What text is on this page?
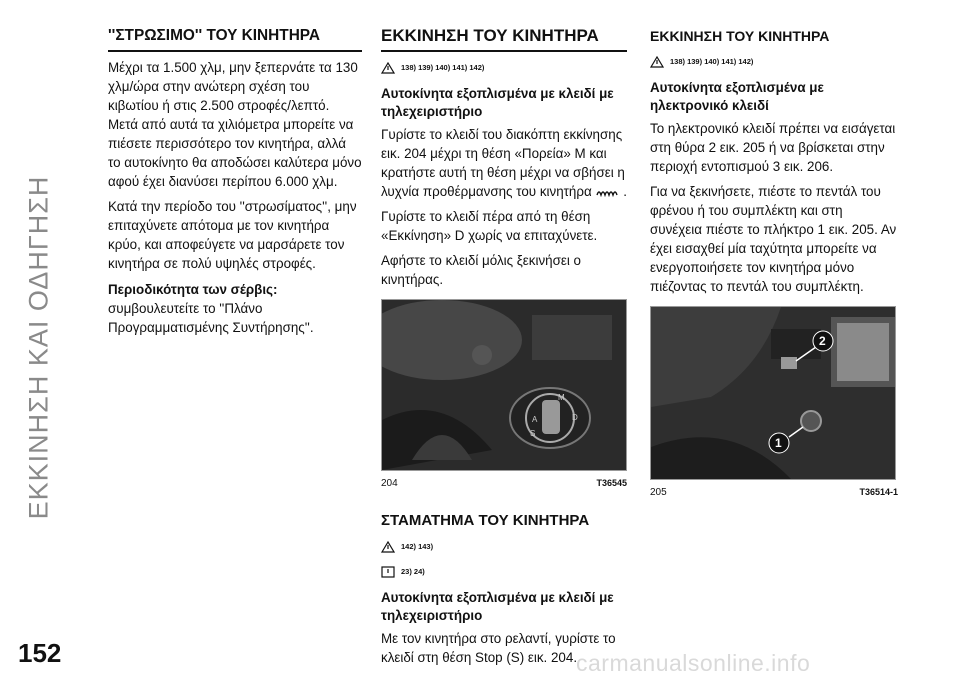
ΕΚΚΙΝΗΣΗ ΚΑΙ ΟΔΗΓΗΣΗ
''ΣΤΡΩΣΙΜΟ'' ΤΟΥ ΚΙΝΗΤΗΡΑ

Μέχρι τα 1.500 χλμ, μην ξεπερνάτε τα 130 χλμ/ώρα στην ανώτερη σχέση του κιβωτίου ή στις 2.500 στροφές/λεπτό. Μετά από αυτά τα χιλιόμετρα μπορείτε να πιέσετε περισσότερο τον κινητήρα, αλλά το αυτοκίνητο θα αποδώσει καλύτερα μόνο αφού έχει διανύσει περίπου 6.000 χλμ.

Κατά την περίοδο του ''στρωσίματος'', μην επιταχύνετε απότομα με τον κινητήρα κρύο, και αποφεύγετε να μαρσάρετε τον κινητήρα σε πολύ υψηλές στροφές.

Περιοδικότητα των σέρβις:

συμβουλευτείτε το ''Πλάνο Προγραμματισμένης Συντήρησης''.

ΕΚΚΙΝΗΣΗ ΤΟΥ ΚΙΝΗΤΗΡΑ
138) 139) 140) 141) 142)
Αυτοκίνητα εξοπλισμένα με κλειδί με τηλεχειριστήριο

Γυρίστε το κλειδί του διακόπτη εκκίνησης εικ. 204 μέχρι τη θέση «Πορεία» M και κρατήστε αυτή τη θέση μέχρι να σβήσει η λυχνία προθέρμανσης του κινητήρα  .

Γυρίστε το κλειδί πέρα από τη θέση «Εκκίνηση» D χωρίς να επιταχύνετε.

Αφήστε το κλειδί μόλις ξεκινήσει ο κινητήρας.

A
M
D
S
204	T36545
ΣΤΑΜΑΤΗΜΑ ΤΟΥ ΚΙΝΗΤΗΡΑ
142) 143)
23) 24)
Αυτοκίνητα εξοπλισμένα με κλειδί με τηλεχειριστήριο

Με τον κινητήρα στο ρελαντί, γυρίστε το κλειδί στη θέση Stop (S) εικ. 204.

ΕΚΚΙΝΗΣΗ ΤΟΥ ΚΙΝΗΤΗΡΑ
138) 139) 140) 141) 142)
Αυτοκίνητα εξοπλισμένα με ηλεκτρονικό κλειδί

Το ηλεκτρονικό κλειδί πρέπει να εισάγεται στη θύρα 2 εικ. 205 ή να βρίσκεται στην περιοχή εντοπισμού 3 εικ. 206.

Για να ξεκινήσετε, πιέστε το πεντάλ του φρένου ή του συμπλέκτη και στη συνέχεια πιέστε το πλήκτρο 1 εικ. 205. Αν έχει εισαχθεί μία ταχύτητα μπορείτε να ενεργοποιήσετε τον κινητήρα μόνο πιέζοντας το πεντάλ του συμπλέκτη.

2
1
205	T36514-1
152	carmanualsonline.info
